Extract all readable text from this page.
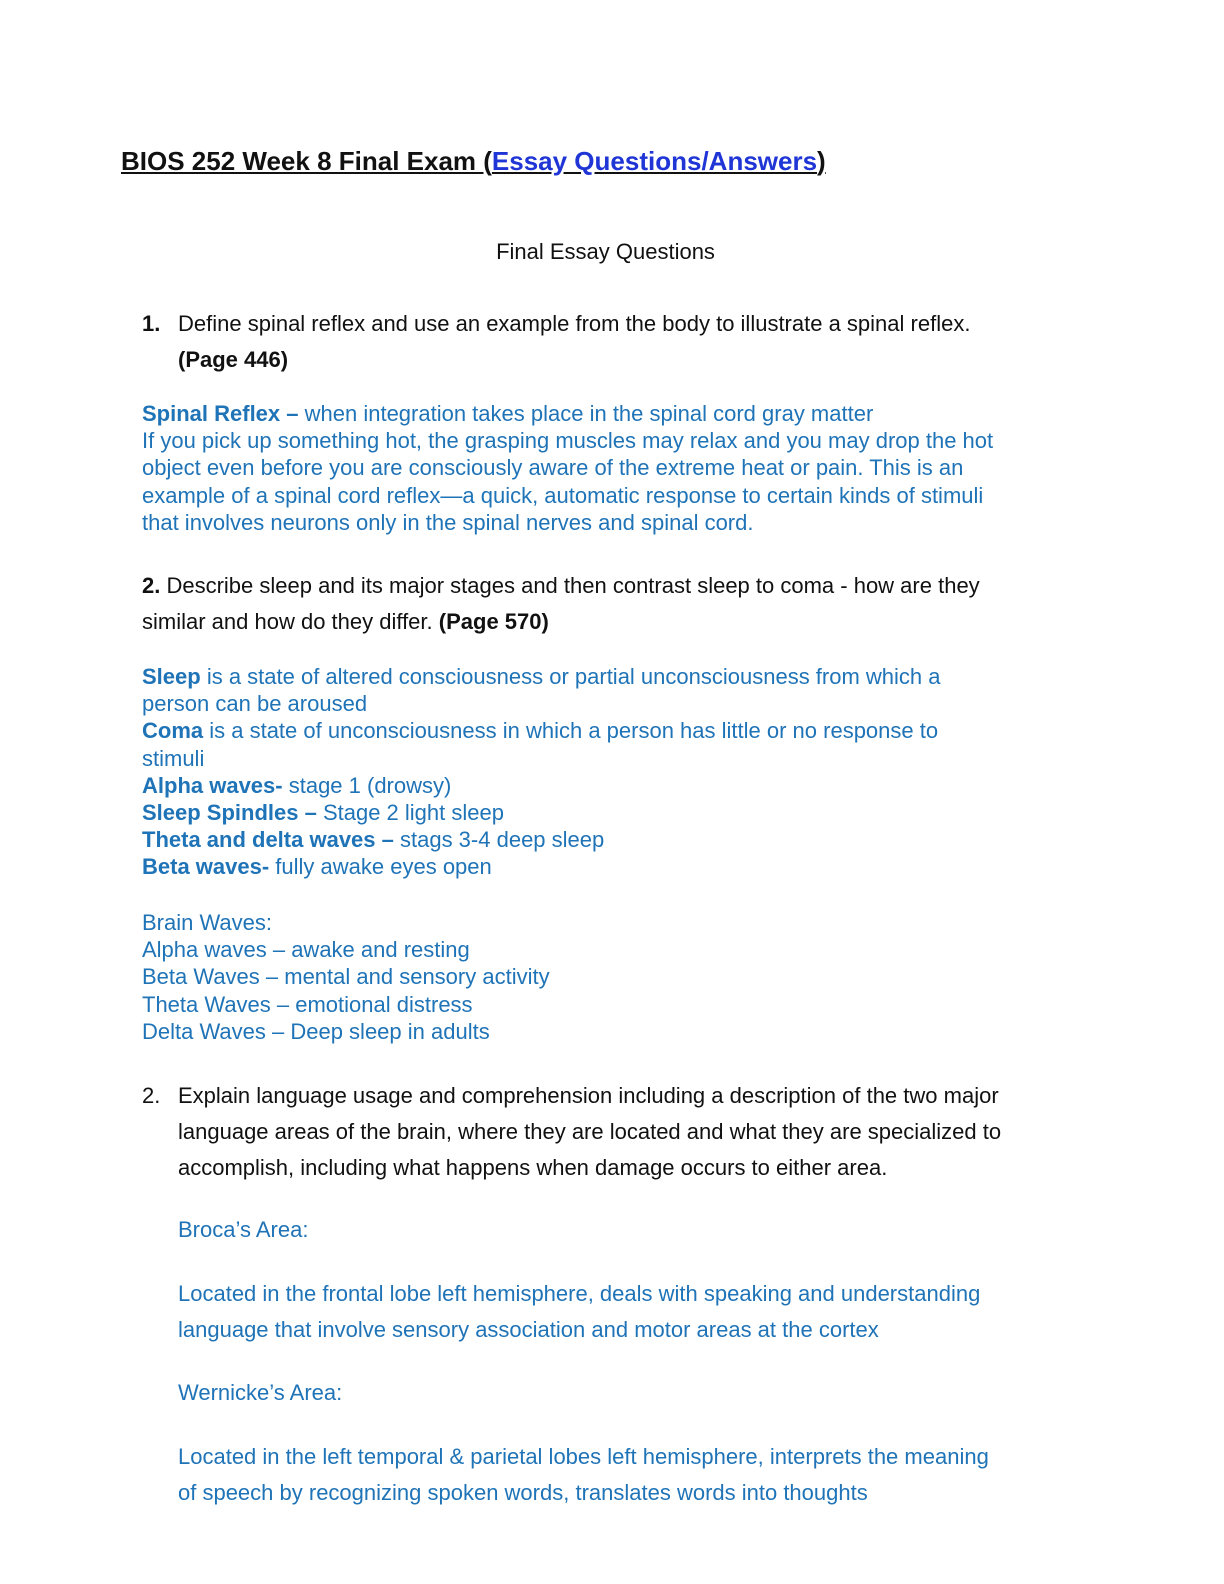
BIOS 252 Week 8 Final Exam (Essay Questions/Answers)
Final Essay Questions
1. Define spinal reflex and use an example from the body to illustrate a spinal reflex.
(Page 446)
Spinal Reflex – when integration takes place in the spinal cord gray matter
If you pick up something hot, the grasping muscles may relax and you may drop the hot
object even before you are consciously aware of the extreme heat or pain. This is an
example of a spinal cord reflex—a quick, automatic response to certain kinds of stimuli
that involves neurons only in the spinal nerves and spinal cord.
2. Describe sleep and its major stages and then contrast sleep to coma - how are they
similar and how do they differ. (Page 570)
Sleep is a state of altered consciousness or partial unconsciousness from which a
person can be aroused
Coma is a state of unconsciousness in which a person has little or no response to
stimuli
Alpha waves- stage 1 (drowsy)
Sleep Spindles – Stage 2 light sleep
Theta and delta waves – stags 3-4 deep sleep
Beta waves- fully awake eyes open
Brain Waves:
Alpha waves – awake and resting
Beta Waves – mental and sensory activity
Theta Waves – emotional distress
Delta Waves – Deep sleep in adults
2. Explain language usage and comprehension including a description of the two major
language areas of the brain, where they are located and what they are specialized to
accomplish, including what happens when damage occurs to either area.
Broca’s Area:
Located in the frontal lobe left hemisphere, deals with speaking and understanding
language that involve sensory association and motor areas at the cortex
Wernicke’s Area:
Located in the left temporal & parietal lobes left hemisphere, interprets the meaning
of speech by recognizing spoken words, translates words into thoughts
